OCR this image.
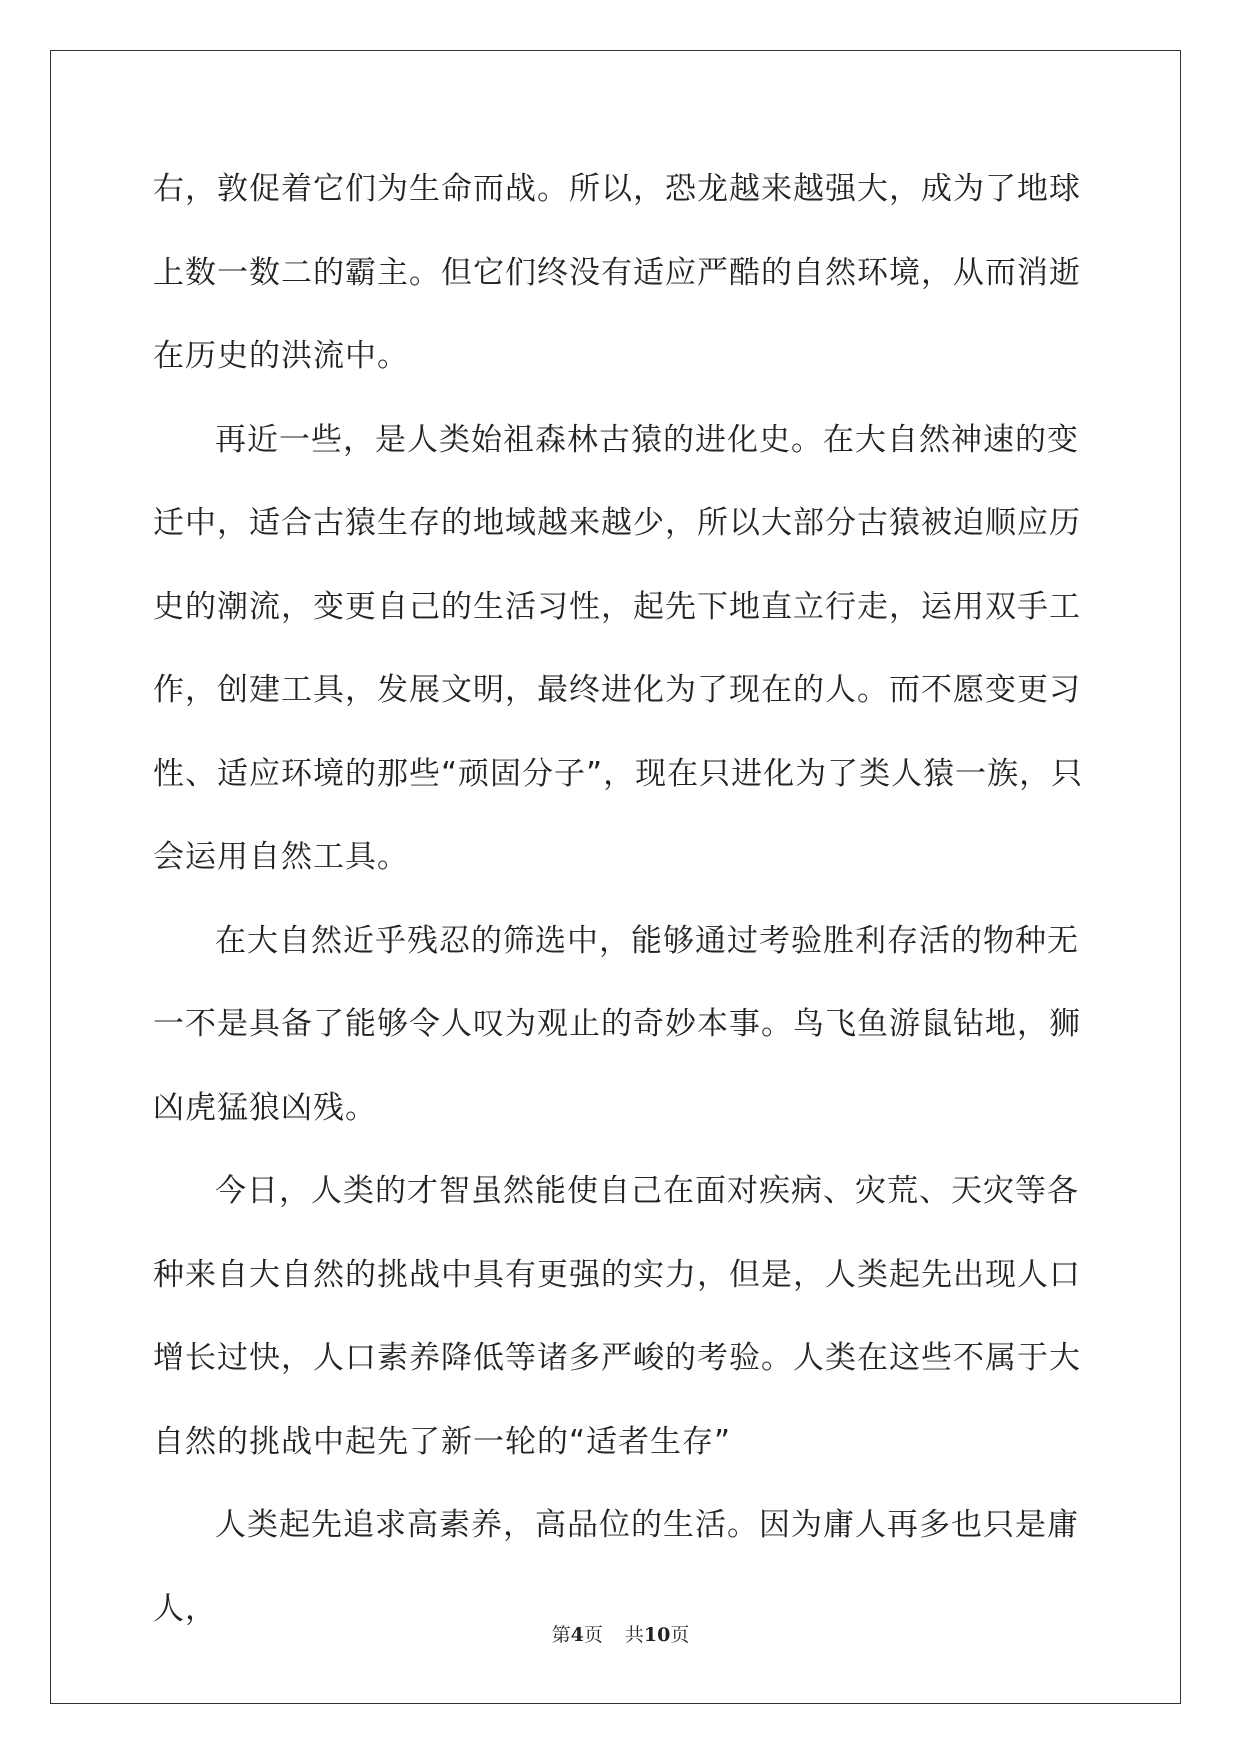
右，敦促着它们为生命而战。所以，恐龙越来越强大，成为了地球上数一数二的霸主。但它们终没有适应严酷的自然环境，从而消逝在历史的洪流中。

再近一些，是人类始祖森林古猿的进化史。在大自然神速的变迁中，适合古猿生存的地域越来越少，所以大部分古猿被迫顺应历史的潮流，变更自己的生活习性，起先下地直立行走，运用双手工作，创建工具，发展文明，最终进化为了现在的人。而不愿变更习性、适应环境的那些“顽固分子”，现在只进化为了类人猿一族，只会运用自然工具。

在大自然近乎残忍的筛选中，能够通过考验胜利存活的物种无一不是具备了能够令人叹为观止的奇妙本事。鸟飞鱼游鼠钻地，狮凶虎猛狼凶残。

今日，人类的才智虽然能使自己在面对疾病、灾荒、天灾等各种来自大自然的挑战中具有更强的实力，但是，人类起先出现人口增长过快，人口素养降低等诸多严峻的考验。人类在这些不属于大自然的挑战中起先了新一轮的“适者生存”

人类起先追求高素养，高品位的生活。因为庸人再多也只是庸人，

第4页 共10页
